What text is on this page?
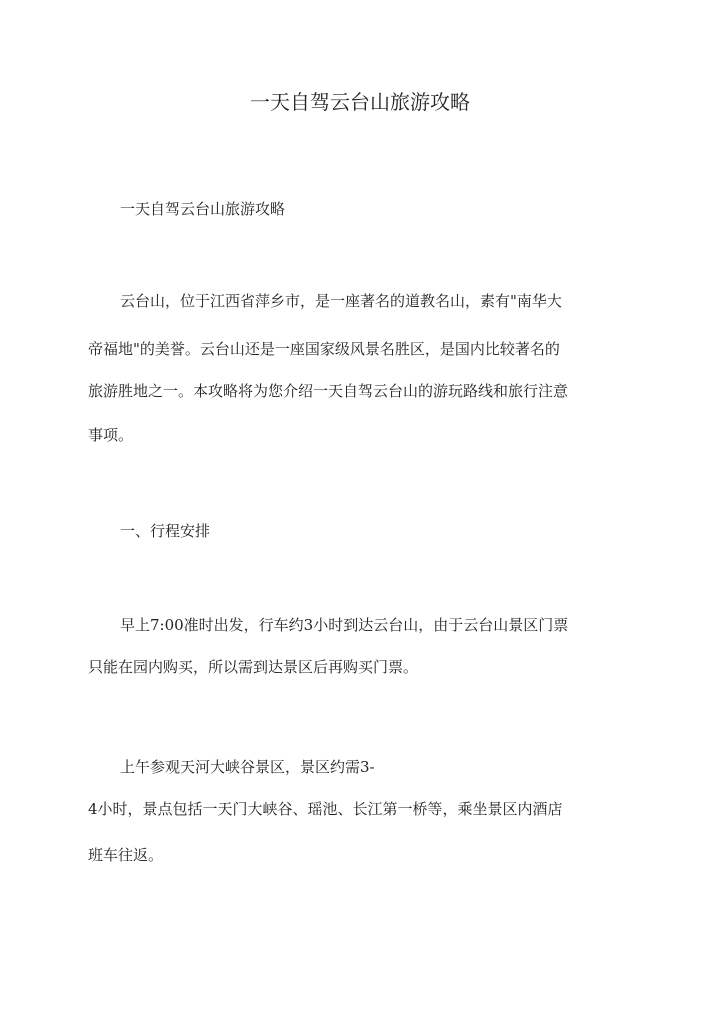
一天自驾云台山旅游攻略
一天自驾云台山旅游攻略
云台山，位于江西省萍乡市，是一座著名的道教名山，素有"南华大
帝福地"的美誉。云台山还是一座国家级风景名胜区，是国内比较著名的
旅游胜地之一。本攻略将为您介绍一天自驾云台山的游玩路线和旅行注意
事项。
一、行程安排
早上7:00准时出发，行车约3小时到达云台山，由于云台山景区门票
只能在园内购买，所以需到达景区后再购买门票。
上午参观天河大峡谷景区，景区约需3-
4小时，景点包括一天门大峡谷、瑶池、长江第一桥等，乘坐景区内酒店
班车往返。
